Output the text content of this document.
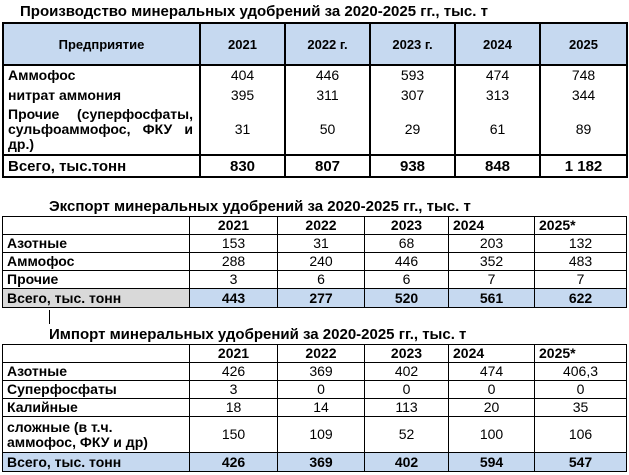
Производство минеральных удобрений за 2020-2025 гг., тыс. т
Предприятие	2021	2022 г.	2023 г.	2024	2025
Аммофос	404	446	593	474	748
нитрат аммония	395	311	307	313	344
Прочие (суперфосфаты, сульфоаммофос, ФКУ и др.)	31	50	29	61	89
Всего, тыс.тонн	830	807	938	848	1 182
Экспорт минеральных удобрений за 2020-2025 гг., тыс. т
	2021	2022	2023	2024	2025*
Азотные	153	31	68	203	132
Аммофос	288	240	446	352	483
Прочие	3	6	6	7	7
Всего, тыс. тонн	443	277	520	561	622
Импорт минеральных удобрений за 2020-2025 гг., тыс. т
	2021	2022	2023	2024	2025*
Азотные	426	369	402	474	406,3
Суперфосфаты	3	0	0	0	0
Калийные	18	14	113	20	35
сложные (в т.ч. аммофос, ФКУ и др)	150	109	52	100	106
Всего, тыс. тонн	426	369	402	594	547
